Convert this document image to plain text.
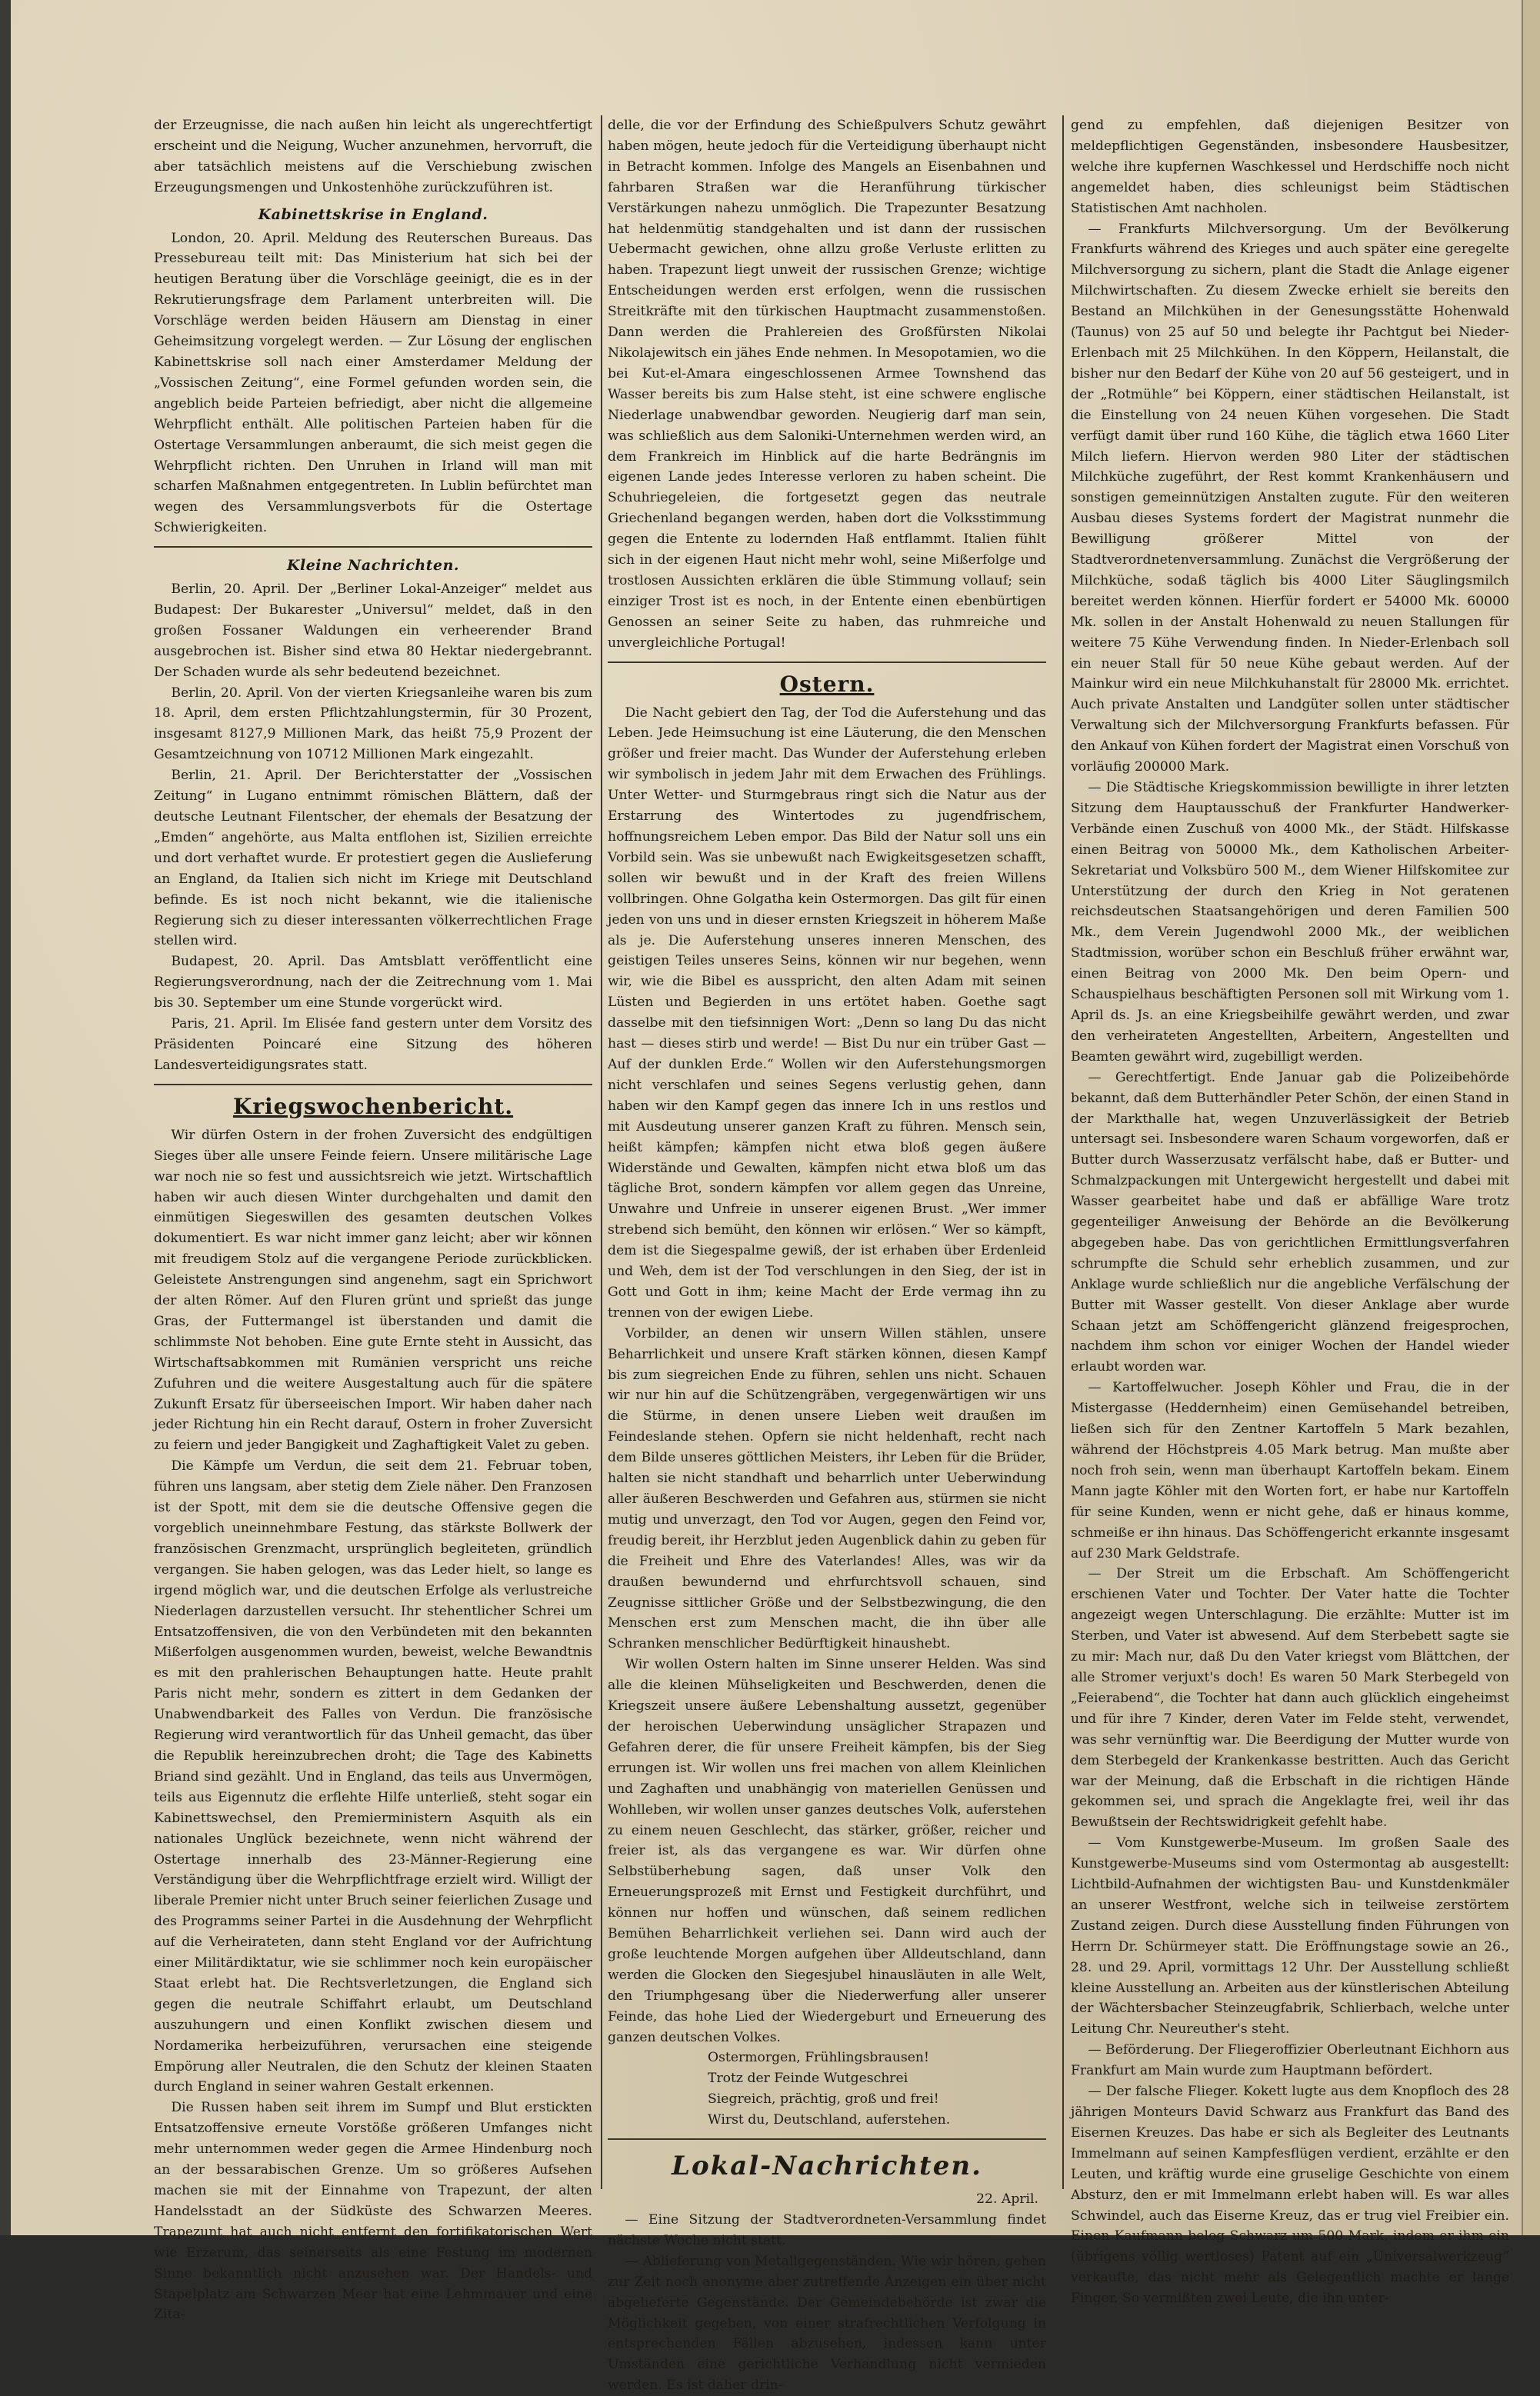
der Erzeugnisse, die nach außen hin leicht als ungerechtfertigt erscheint und die Neigung, Wucher anzunehmen, hervorruft, die aber tatsächlich meistens auf die Verschiebung zwischen Erzeugungsmengen und Unkostenhöhe zurückzuführen ist.

Kabinettskrise in England.

London, 20. April. Meldung des Reuterschen Bureaus. Das Pressebureau teilt mit: Das Ministerium hat sich bei der heutigen Beratung über die Vorschläge geeinigt, die es in der Rekrutierungsfrage dem Parlament unterbreiten will. Die Vorschläge werden beiden Häusern am Dienstag in einer Geheimsitzung vorgelegt werden. — Zur Lösung der englischen Kabinettskrise soll nach einer Amsterdamer Meldung der „Vossischen Zeitung“, eine Formel gefunden worden sein, die angeblich beide Parteien befriedigt, aber nicht die allgemeine Wehrpflicht enthält. Alle politischen Parteien haben für die Ostertage Versammlungen anberaumt, die sich meist gegen die Wehrpflicht richten. Den Unruhen in Irland will man mit scharfen Maßnahmen entgegentreten. In Lublin befürchtet man wegen des Versammlungsverbots für die Ostertage Schwierigkeiten.

Kleine Nachrichten.

Berlin, 20. April. Der „Berliner Lokal-Anzeiger“ meldet aus Budapest: Der Bukarester „Universul“ meldet, daß in den großen Fossaner Waldungen ein verheerender Brand ausgebrochen ist. Bisher sind etwa 80 Hektar niedergebrannt. Der Schaden wurde als sehr bedeutend bezeichnet.

Berlin, 20. April. Von der vierten Kriegsanleihe waren bis zum 18. April, dem ersten Pflichtzahlungstermin, für 30 Prozent, insgesamt 8127,9 Millionen Mark, das heißt 75,9 Prozent der Gesamtzeichnung von 10712 Millionen Mark eingezahlt.

Berlin, 21. April. Der Berichterstatter der „Vossischen Zeitung“ in Lugano entnimmt römischen Blättern, daß der deutsche Leutnant Filentscher, der ehemals der Besatzung der „Emden“ angehörte, aus Malta entflohen ist, Sizilien erreichte und dort verhaftet wurde. Er protestiert gegen die Auslieferung an England, da Italien sich nicht im Kriege mit Deutschland befinde. Es ist noch nicht bekannt, wie die italienische Regierung sich zu dieser interessanten völkerrechtlichen Frage stellen wird.

Budapest, 20. April. Das Amtsblatt veröffentlicht eine Regierungsverordnung, nach der die Zeitrechnung vom 1. Mai bis 30. September um eine Stunde vorgerückt wird.

Paris, 21. April. Im Elisée fand gestern unter dem Vorsitz des Präsidenten Poincaré eine Sitzung des höheren Landesverteidigungsrates statt.

Kriegswochenbericht.

Wir dürfen Ostern in der frohen Zuversicht des endgültigen Sieges über alle unsere Feinde feiern. Unsere militärische Lage war noch nie so fest und aussichtsreich wie jetzt. Wirtschaftlich haben wir auch diesen Winter durchgehalten und damit den einmütigen Siegeswillen des gesamten deutschen Volkes dokumentiert. Es war nicht immer ganz leicht; aber wir können mit freudigem Stolz auf die vergangene Periode zurückblicken. Geleistete Anstrengungen sind angenehm, sagt ein Sprichwort der alten Römer. Auf den Fluren grünt und sprießt das junge Gras, der Futtermangel ist überstanden und damit die schlimmste Not behoben. Eine gute Ernte steht in Aussicht, das Wirtschaftsabkommen mit Rumänien verspricht uns reiche Zufuhren und die weitere Ausgestaltung auch für die spätere Zukunft Ersatz für überseeischen Import. Wir haben daher nach jeder Richtung hin ein Recht darauf, Ostern in froher Zuversicht zu feiern und jeder Bangigkeit und Zaghaftigkeit Valet zu geben.

Die Kämpfe um Verdun, die seit dem 21. Februar toben, führen uns langsam, aber stetig dem Ziele näher. Den Franzosen ist der Spott, mit dem sie die deutsche Offensive gegen die vorgeblich uneinnehmbare Festung, das stärkste Bollwerk der französischen Grenzmacht, ursprünglich begleiteten, gründlich vergangen. Sie haben gelogen, was das Leder hielt, so lange es irgend möglich war, und die deutschen Erfolge als verlustreiche Niederlagen darzustellen versucht. Ihr stehentlicher Schrei um Entsatzoffensiven, die von den Verbündeten mit den bekannten Mißerfolgen ausgenommen wurden, beweist, welche Bewandtnis es mit den prahlerischen Behauptungen hatte. Heute prahlt Paris nicht mehr, sondern es zittert in dem Gedanken der Unabwendbarkeit des Falles von Verdun. Die französische Regierung wird verantwortlich für das Unheil gemacht, das über die Republik hereinzubrechen droht; die Tage des Kabinetts Briand sind gezählt. Und in England, das teils aus Unvermögen, teils aus Eigennutz die erflehte Hilfe unterließ, steht sogar ein Kabinettswechsel, den Premierministern Asquith als ein nationales Unglück bezeichnete, wenn nicht während der Ostertage innerhalb des 23-Männer-Regierung eine Verständigung über die Wehrpflichtfrage erzielt wird. Willigt der liberale Premier nicht unter Bruch seiner feierlichen Zusage und des Programms seiner Partei in die Ausdehnung der Wehrpflicht auf die Verheirateten, dann steht England vor der Aufrichtung einer Militärdiktatur, wie sie schlimmer noch kein europäischer Staat erlebt hat. Die Rechtsverletzungen, die England sich gegen die neutrale Schiffahrt erlaubt, um Deutschland auszuhungern und einen Konflikt zwischen diesem und Nordamerika herbeizuführen, verursachen eine steigende Empörung aller Neutralen, die den Schutz der kleinen Staaten durch England in seiner wahren Gestalt erkennen.

Die Russen haben seit ihrem im Sumpf und Blut erstickten Entsatzoffensive erneute Vorstöße größeren Umfanges nicht mehr unternommen weder gegen die Armee Hindenburg noch an der bessarabischen Grenze. Um so größeres Aufsehen machen sie mit der Einnahme von Trapezunt, der alten Handelsstadt an der Südküste des Schwarzen Meeres. Trapezunt hat auch nicht entfernt den fortifikatorischen Wert wie Erzerum, das seinerseits als eine Festung im modernen Sinne bekanntlich nicht anzusehen war. Der Handels- und Stapelplatz am Schwarzen Meer hat eine Lehmmauer und eine Zita-

delle, die vor der Erfindung des Schießpulvers Schutz gewährt haben mögen, heute jedoch für die Verteidigung überhaupt nicht in Betracht kommen. Infolge des Mangels an Eisenbahnen und fahrbaren Straßen war die Heranführung türkischer Verstärkungen nahezu unmöglich. Die Trapezunter Besatzung hat heldenmütig standgehalten und ist dann der russischen Uebermacht gewichen, ohne allzu große Verluste erlitten zu haben. Trapezunt liegt unweit der russischen Grenze; wichtige Entscheidungen werden erst erfolgen, wenn die russischen Streitkräfte mit den türkischen Hauptmacht zusammenstoßen. Dann werden die Prahlereien des Großfürsten Nikolai Nikolajewitsch ein jähes Ende nehmen. In Mesopotamien, wo die bei Kut-el-Amara eingeschlossenen Armee Townshend das Wasser bereits bis zum Halse steht, ist eine schwere englische Niederlage unabwendbar geworden. Neugierig darf man sein, was schließlich aus dem Saloniki-Unternehmen werden wird, an dem Frankreich im Hinblick auf die harte Bedrängnis im eigenen Lande jedes Interesse verloren zu haben scheint. Die Schuhriegeleien, die fortgesetzt gegen das neutrale Griechenland begangen werden, haben dort die Volksstimmung gegen die Entente zu lodernden Haß entflammt. Italien fühlt sich in der eigenen Haut nicht mehr wohl, seine Mißerfolge und trostlosen Aussichten erklären die üble Stimmung vollauf; sein einziger Trost ist es noch, in der Entente einen ebenbürtigen Genossen an seiner Seite zu haben, das ruhmreiche und unvergleichliche Portugal!

Ostern.

Die Nacht gebiert den Tag, der Tod die Auferstehung und das Leben. Jede Heimsuchung ist eine Läuterung, die den Menschen größer und freier macht. Das Wunder der Auferstehung erleben wir symbolisch in jedem Jahr mit dem Erwachen des Frühlings. Unter Wetter- und Sturmgebraus ringt sich die Natur aus der Erstarrung des Wintertodes zu jugendfrischem, hoffnungsreichem Leben empor. Das Bild der Natur soll uns ein Vorbild sein. Was sie unbewußt nach Ewigkeitsgesetzen schafft, sollen wir bewußt und in der Kraft des freien Willens vollbringen. Ohne Golgatha kein Ostermorgen. Das gilt für einen jeden von uns und in dieser ernsten Kriegszeit in höherem Maße als je. Die Auferstehung unseres inneren Menschen, des geistigen Teiles unseres Seins, können wir nur begehen, wenn wir, wie die Bibel es ausspricht, den alten Adam mit seinen Lüsten und Begierden in uns ertötet haben. Goethe sagt dasselbe mit den tiefsinnigen Wort: „Denn so lang Du das nicht hast — dieses stirb und werde! — Bist Du nur ein trüber Gast — Auf der dunklen Erde.“ Wollen wir den Auferstehungsmorgen nicht verschlafen und seines Segens verlustig gehen, dann haben wir den Kampf gegen das innere Ich in uns restlos und mit Ausdeutung unserer ganzen Kraft zu führen. Mensch sein, heißt kämpfen; kämpfen nicht etwa bloß gegen äußere Widerstände und Gewalten, kämpfen nicht etwa bloß um das tägliche Brot, sondern kämpfen vor allem gegen das Unreine, Unwahre und Unfreie in unserer eigenen Brust. „Wer immer strebend sich bemüht, den können wir erlösen.“ Wer so kämpft, dem ist die Siegespalme gewiß, der ist erhaben über Erdenleid und Weh, dem ist der Tod verschlungen in den Sieg, der ist in Gott und Gott in ihm; keine Macht der Erde vermag ihn zu trennen von der ewigen Liebe.

Vorbilder, an denen wir unsern Willen stählen, unsere Beharrlichkeit und unsere Kraft stärken können, diesen Kampf bis zum siegreichen Ende zu führen, sehlen uns nicht. Schauen wir nur hin auf die Schützengräben, vergegenwärtigen wir uns die Stürme, in denen unsere Lieben weit draußen im Feindeslande stehen. Opfern sie nicht heldenhaft, recht nach dem Bilde unseres göttlichen Meisters, ihr Leben für die Brüder, halten sie nicht standhaft und beharrlich unter Ueberwindung aller äußeren Beschwerden und Gefahren aus, stürmen sie nicht mutig und unverzagt, den Tod vor Augen, gegen den Feind vor, freudig bereit, ihr Herzblut jeden Augenblick dahin zu geben für die Freiheit und Ehre des Vaterlandes! Alles, was wir da draußen bewundernd und ehrfurchtsvoll schauen, sind Zeugnisse sittlicher Größe und der Selbstbezwingung, die den Menschen erst zum Menschen macht, die ihn über alle Schranken menschlicher Bedürftigkeit hinaushebt.

Wir wollen Ostern halten im Sinne unserer Helden. Was sind alle die kleinen Mühseligkeiten und Beschwerden, denen die Kriegszeit unsere äußere Lebenshaltung aussetzt, gegenüber der heroischen Ueberwindung unsäglicher Strapazen und Gefahren derer, die für unsere Freiheit kämpfen, bis der Sieg errungen ist. Wir wollen uns frei machen von allem Kleinlichen und Zaghaften und unabhängig von materiellen Genüssen und Wohlleben, wir wollen unser ganzes deutsches Volk, auferstehen zu einem neuen Geschlecht, das stärker, größer, reicher und freier ist, als das vergangene es war. Wir dürfen ohne Selbstüberhebung sagen, daß unser Volk den Erneuerungsprozeß mit Ernst und Festigkeit durchführt, und können nur hoffen und wünschen, daß seinem redlichen Bemühen Beharrlichkeit verliehen sei. Dann wird auch der große leuchtende Morgen aufgehen über Alldeutschland, dann werden die Glocken den Siegesjubel hinausläuten in alle Welt, den Triumphgesang über die Niederwerfung aller unserer Feinde, das hohe Lied der Wiedergeburt und Erneuerung des ganzen deutschen Volkes.

Ostermorgen, Frühlingsbrausen!
Trotz der Feinde Wutgeschrei
Siegreich, prächtig, groß und frei!
Wirst du, Deutschland, auferstehen.
Lokal-Nachrichten.
22. April.

— Eine Sitzung der Stadtverordneten-Versammlung findet nächste Woche nicht statt.

— Ablieferung von Metallgegenständen. Wie wir hören, gehen zur Zeit noch anonyme aber zutreffende Anzeigen ein über nicht abgelieferte Gegenstände. Der Gemeindebehörde ist zwar die Möglichkeit gegeben, von einer strafrechtlichen Verfolgung in entsprechenden Fällen abzusehen, indessen kann unter Umständen eine gerichtliche Verhandlung nicht vermieden werden. Es ist daher drin-

gend zu empfehlen, daß diejenigen Besitzer von meldepflichtigen Gegenständen, insbesondere Hausbesitzer, welche ihre kupfernen Waschkessel und Herdschiffe noch nicht angemeldet haben, dies schleunigst beim Städtischen Statistischen Amt nachholen.

— Frankfurts Milchversorgung. Um der Bevölkerung Frankfurts während des Krieges und auch später eine geregelte Milchversorgung zu sichern, plant die Stadt die Anlage eigener Milchwirtschaften. Zu diesem Zwecke erhielt sie bereits den Bestand an Milchkühen in der Genesungsstätte Hohenwald (Taunus) von 25 auf 50 und belegte ihr Pachtgut bei Nieder-Erlenbach mit 25 Milchkühen. In den Köppern, Heilanstalt, die bisher nur den Bedarf der Kühe von 20 auf 56 gesteigert, und in der „Rotmühle“ bei Köppern, einer städtischen Heilanstalt, ist die Einstellung von 24 neuen Kühen vorgesehen. Die Stadt verfügt damit über rund 160 Kühe, die täglich etwa 1660 Liter Milch liefern. Hiervon werden 980 Liter der städtischen Milchküche zugeführt, der Rest kommt Krankenhäusern und sonstigen gemeinnützigen Anstalten zugute. Für den weiteren Ausbau dieses Systems fordert der Magistrat nunmehr die Bewilligung größerer Mittel von der Stadtverordnetenversammlung. Zunächst die Vergrößerung der Milchküche, sodaß täglich bis 4000 Liter Säuglingsmilch bereitet werden können. Hierfür fordert er 54000 Mk. 60000 Mk. sollen in der Anstalt Hohenwald zu neuen Stallungen für weitere 75 Kühe Verwendung finden. In Nieder-Erlenbach soll ein neuer Stall für 50 neue Kühe gebaut werden. Auf der Mainkur wird ein neue Milchkuhanstalt für 28000 Mk. errichtet. Auch private Anstalten und Landgüter sollen unter städtischer Verwaltung sich der Milchversorgung Frankfurts befassen. Für den Ankauf von Kühen fordert der Magistrat einen Vorschuß von vorläufig 200000 Mark.

— Die Städtische Kriegskommission bewilligte in ihrer letzten Sitzung dem Hauptausschuß der Frankfurter Handwerker-Verbände einen Zuschuß von 4000 Mk., der Städt. Hilfskasse einen Beitrag von 50000 Mk., dem Katholischen Arbeiter-Sekretariat und Volksbüro 500 M., dem Wiener Hilfskomitee zur Unterstützung der durch den Krieg in Not geratenen reichsdeutschen Staatsangehörigen und deren Familien 500 Mk., dem Verein Jugendwohl 2000 Mk., der weiblichen Stadtmission, worüber schon ein Beschluß früher erwähnt war, einen Beitrag von 2000 Mk. Den beim Opern- und Schauspielhaus beschäftigten Personen soll mit Wirkung vom 1. April ds. Js. an eine Kriegsbeihilfe gewährt werden, und zwar den verheirateten Angestellten, Arbeitern, Angestellten und Beamten gewährt wird, zugebilligt werden.

— Gerechtfertigt. Ende Januar gab die Polizeibehörde bekannt, daß dem Butterhändler Peter Schön, der einen Stand in der Markthalle hat, wegen Unzuverlässigkeit der Betrieb untersagt sei. Insbesondere waren Schaum vorgeworfen, daß er Butter durch Wasserzusatz verfälscht habe, daß er Butter- und Schmalzpackungen mit Untergewicht hergestellt und dabei mit Wasser gearbeitet habe und daß er abfällige Ware trotz gegenteiliger Anweisung der Behörde an die Bevölkerung abgegeben habe. Das von gerichtlichen Ermittlungsverfahren schrumpfte die Schuld sehr erheblich zusammen, und zur Anklage wurde schließlich nur die angebliche Verfälschung der Butter mit Wasser gestellt. Von dieser Anklage aber wurde Schaan jetzt am Schöffengericht glänzend freigesprochen, nachdem ihm schon vor einiger Wochen der Handel wieder erlaubt worden war.

— Kartoffelwucher. Joseph Köhler und Frau, die in der Mistergasse (Heddernheim) einen Gemüsehandel betreiben, ließen sich für den Zentner Kartoffeln 5 Mark bezahlen, während der Höchstpreis 4.05 Mark betrug. Man mußte aber noch froh sein, wenn man überhaupt Kartoffeln bekam. Einem Mann jagte Köhler mit den Worten fort, er habe nur Kartoffeln für seine Kunden, wenn er nicht gehe, daß er hinaus komme, schmeiße er ihn hinaus. Das Schöffengericht erkannte insgesamt auf 230 Mark Geldstrafe.

— Der Streit um die Erbschaft. Am Schöffengericht erschienen Vater und Tochter. Der Vater hatte die Tochter angezeigt wegen Unterschlagung. Die erzählte: Mutter ist im Sterben, und Vater ist abwesend. Auf dem Sterbebett sagte sie zu mir: Mach nur, daß Du den Vater kriegst vom Blättchen, der alle Stromer verjuxt's doch! Es waren 50 Mark Sterbegeld von „Feierabend“, die Tochter hat dann auch glücklich eingeheimst und für ihre 7 Kinder, deren Vater im Felde steht, verwendet, was sehr vernünftig war. Die Beerdigung der Mutter wurde von dem Sterbegeld der Krankenkasse bestritten. Auch das Gericht war der Meinung, daß die Erbschaft in die richtigen Hände gekommen sei, und sprach die Angeklagte frei, weil ihr das Bewußtsein der Rechtswidrigkeit gefehlt habe.

— Vom Kunstgewerbe-Museum. Im großen Saale des Kunstgewerbe-Museums sind vom Ostermontag ab ausgestellt: Lichtbild-Aufnahmen der wichtigsten Bau- und Kunstdenkmäler an unserer Westfront, welche sich in teilweise zerstörtem Zustand zeigen. Durch diese Ausstellung finden Führungen von Herrn Dr. Schürmeyer statt. Die Eröffnungstage sowie an 26., 28. und 29. April, vormittags 12 Uhr. Der Ausstellung schließt kleine Ausstellung an. Arbeiten aus der künstlerischen Abteilung der Wächtersbacher Steinzeugfabrik, Schlierbach, welche unter Leitung Chr. Neureuther's steht.

— Beförderung. Der Fliegeroffizier Oberleutnant Eichhorn aus Frankfurt am Main wurde zum Hauptmann befördert.

— Der falsche Flieger. Kokett lugte aus dem Knopfloch des 28 jährigen Monteurs David Schwarz aus Frankfurt das Band des Eisernen Kreuzes. Das habe er sich als Begleiter des Leutnants Immelmann auf seinen Kampfesflügen verdient, erzählte er den Leuten, und kräftig wurde eine gruselige Geschichte von einem Absturz, den er mit Immelmann erlebt haben will. Es war alles Schwindel, auch das Eiserne Kreuz, das er trug viel Freibier ein. Einen Kaufmann belog Schwarz um 500 Mark, indem er ihm ein (übrigens völlig wertloses) Patent auf ein „Universalwerkzeug“ verkaufte, das nicht mehr als Gelegentlich machte er lange Finger. So vermißten zwei Leute, die ihn unter-
